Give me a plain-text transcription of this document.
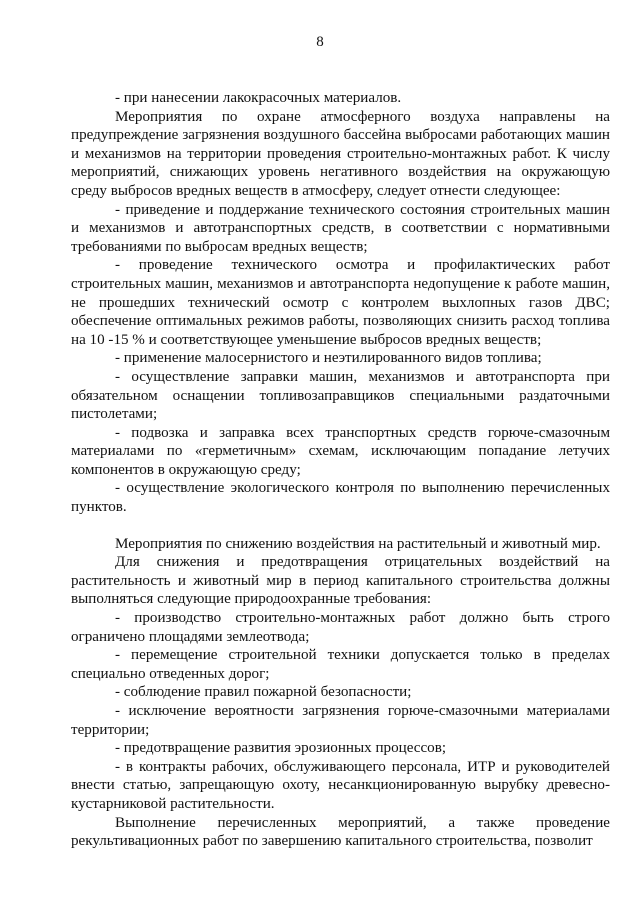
8

- при нанесении лакокрасочных материалов.

Мероприятия по охране атмосферного воздуха направлены на предупреждение загрязнения воздушного бассейна выбросами работающих машин и механизмов на территории проведения строительно-монтажных работ. К числу мероприятий, снижающих уровень негативного воздействия на окружающую среду выбросов вредных веществ в атмосферу, следует отнести следующее:

- приведение и поддержание технического состояния строительных машин и механизмов и автотранспортных средств, в соответствии с нормативными требованиями по выбросам вредных веществ;

- проведение технического осмотра и профилактических работ строительных машин, механизмов и автотранспорта недопущение к работе машин, не прошедших технический осмотр с контролем выхлопных газов ДВС; обеспечение оптимальных режимов работы, позволяющих снизить расход топлива на 10 -15 % и соответствующее уменьшение выбросов вредных веществ;

- применение малосернистого и неэтилированного видов топлива;

- осуществление заправки машин, механизмов и автотранспорта при обязательном оснащении топливозаправщиков специальными раздаточными пистолетами;

- подвозка и заправка всех транспортных средств горюче-смазочным материалами по «герметичным» схемам, исключающим попадание летучих компонентов в окружающую среду;

- осуществление экологического контроля по выполнению перечисленных пунктов.

Мероприятия по снижению воздействия на растительный и животный мир.

Для снижения и предотвращения отрицательных воздействий на растительность и животный мир в период капитального строительства должны выполняться следующие природоохранные требования:

- производство строительно-монтажных работ должно быть строго ограничено площадями землеотвода;

- перемещение строительной техники допускается только в пределах специально отведенных дорог;

- соблюдение правил пожарной безопасности;

- исключение вероятности загрязнения горюче-смазочными материалами территории;

- предотвращение развития эрозионных процессов;

- в контракты рабочих, обслуживающего персонала, ИТР и руководителей внести статью, запрещающую охоту, несанкционированную вырубку древесно-кустарниковой растительности.

Выполнение перечисленных мероприятий, а также проведение рекультивационных работ по завершению капитального строительства, позволит
